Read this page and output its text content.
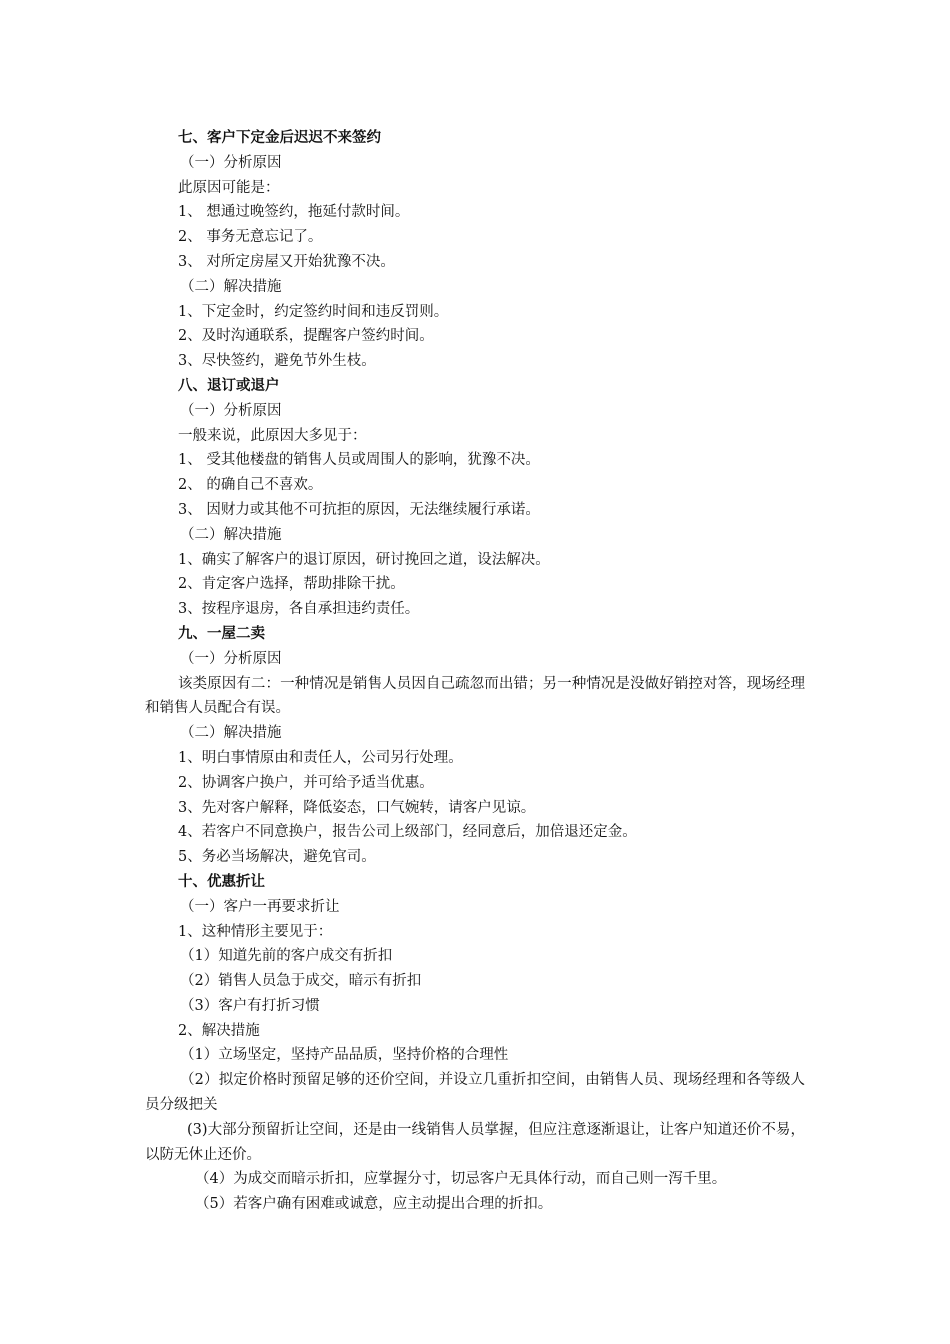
七、客户下定金后迟迟不来签约
（一）分析原因
此原因可能是：
1、 想通过晚签约，拖延付款时间。
2、 事务无意忘记了。
3、 对所定房屋又开始犹豫不决。
（二）解决措施
1、下定金时，约定签约时间和违反罚则。
2、及时沟通联系，提醒客户签约时间。
3、尽快签约，避免节外生枝。
八、退订或退户
（一）分析原因
一般来说，此原因大多见于：
1、 受其他楼盘的销售人员或周围人的影响，犹豫不决。
2、 的确自己不喜欢。
3、 因财力或其他不可抗拒的原因，无法继续履行承诺。
（二）解决措施
1、确实了解客户的退订原因，研讨挽回之道，设法解决。
2、肯定客户选择，帮助排除干扰。
3、按程序退房，各自承担违约责任。
九、一屋二卖
（一）分析原因

该类原因有二：一种情况是销售人员因自己疏忽而出错；另一种情况是没做好销控对答，现场经理和销售人员配合有误。

（二）解决措施
1、明白事情原由和责任人，公司另行处理。
2、协调客户换户，并可给予适当优惠。
3、先对客户解释，降低姿态，口气婉转，请客户见谅。
4、若客户不同意换户，报告公司上级部门，经同意后，加倍退还定金。
5、务必当场解决，避免官司。
十、优惠折让
（一）客户一再要求折让
1、这种情形主要见于：
（1）知道先前的客户成交有折扣
（2）销售人员急于成交，暗示有折扣
（3）客户有打折习惯
2、解决措施
（1）立场坚定，坚持产品品质，坚持价格的合理性

（2）拟定价格时预留足够的还价空间，并设立几重折扣空间，由销售人员、现场经理和各等级人员分级把关

(3)大部分预留折让空间，还是由一线销售人员掌握，但应注意逐渐退让，让客户知道还价不易，以防无休止还价。

（4）为成交而暗示折扣，应掌握分寸，切忌客户无具体行动，而自己则一泻千里。
（5）若客户确有困难或诚意，应主动提出合理的折扣。
